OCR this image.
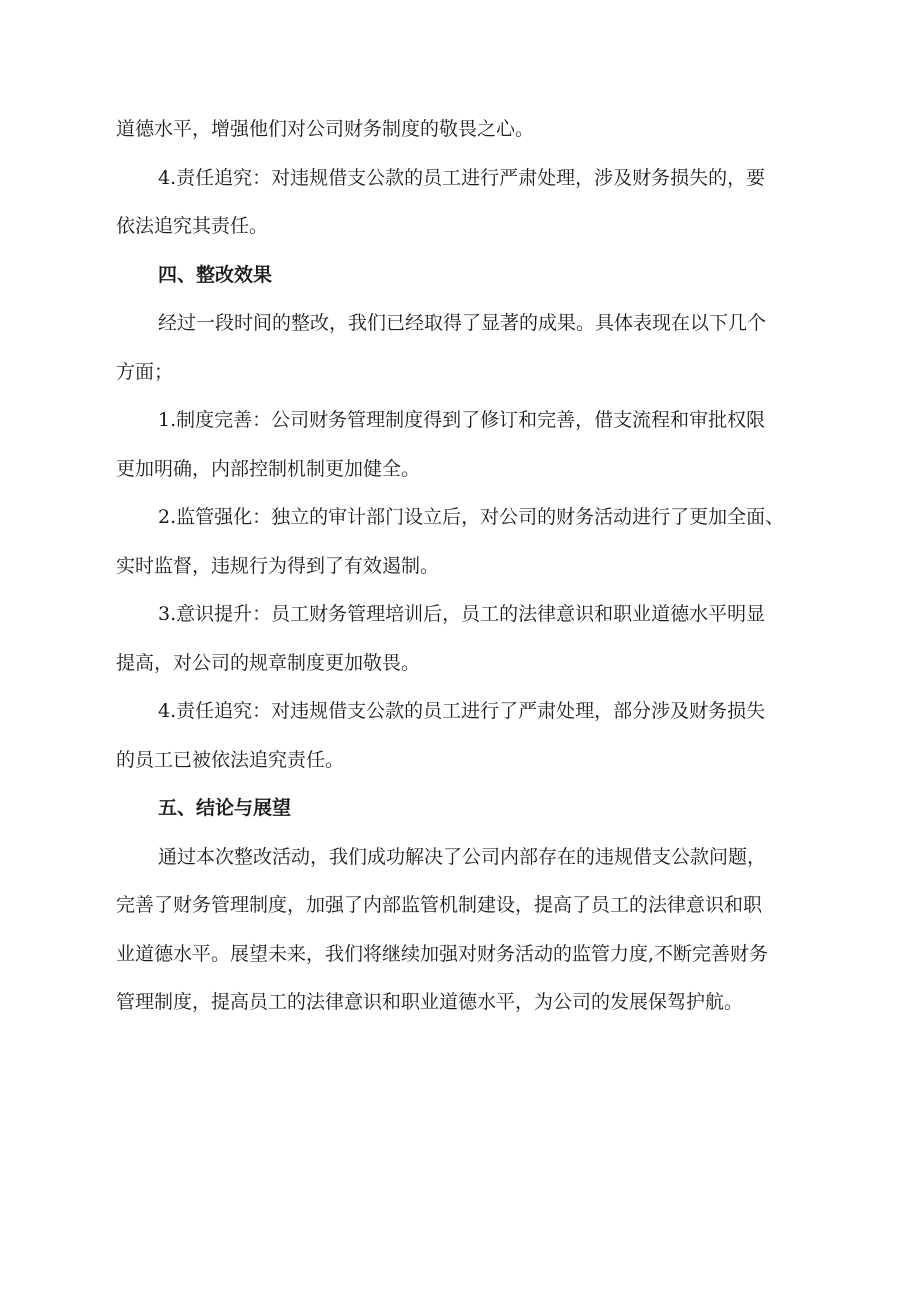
道德水平，增强他们对公司财务制度的敬畏之心。
4.责任追究：对违规借支公款的员工进行严肃处理，涉及财务损失的，要
依法追究其责任。
四、整改效果
经过一段时间的整改，我们已经取得了显著的成果。具体表现在以下几个
方面；
1.制度完善：公司财务管理制度得到了修订和完善，借支流程和审批权限
更加明确，内部控制机制更加健全。
2.监管强化：独立的审计部门设立后，对公司的财务活动进行了更加全面、
实时监督，违规行为得到了有效遏制。
3.意识提升：员工财务管理培训后，员工的法律意识和职业道德水平明显
提高，对公司的规章制度更加敬畏。
4.责任追究：对违规借支公款的员工进行了严肃处理，部分涉及财务损失
的员工已被依法追究责任。
五、结论与展望
通过本次整改活动，我们成功解决了公司内部存在的违规借支公款问题，
完善了财务管理制度，加强了内部监管机制建设，提高了员工的法律意识和职
业道德水平。展望未来，我们将继续加强对财务活动的监管力度,不断完善财务
管理制度，提高员工的法律意识和职业道德水平，为公司的发展保驾护航。
